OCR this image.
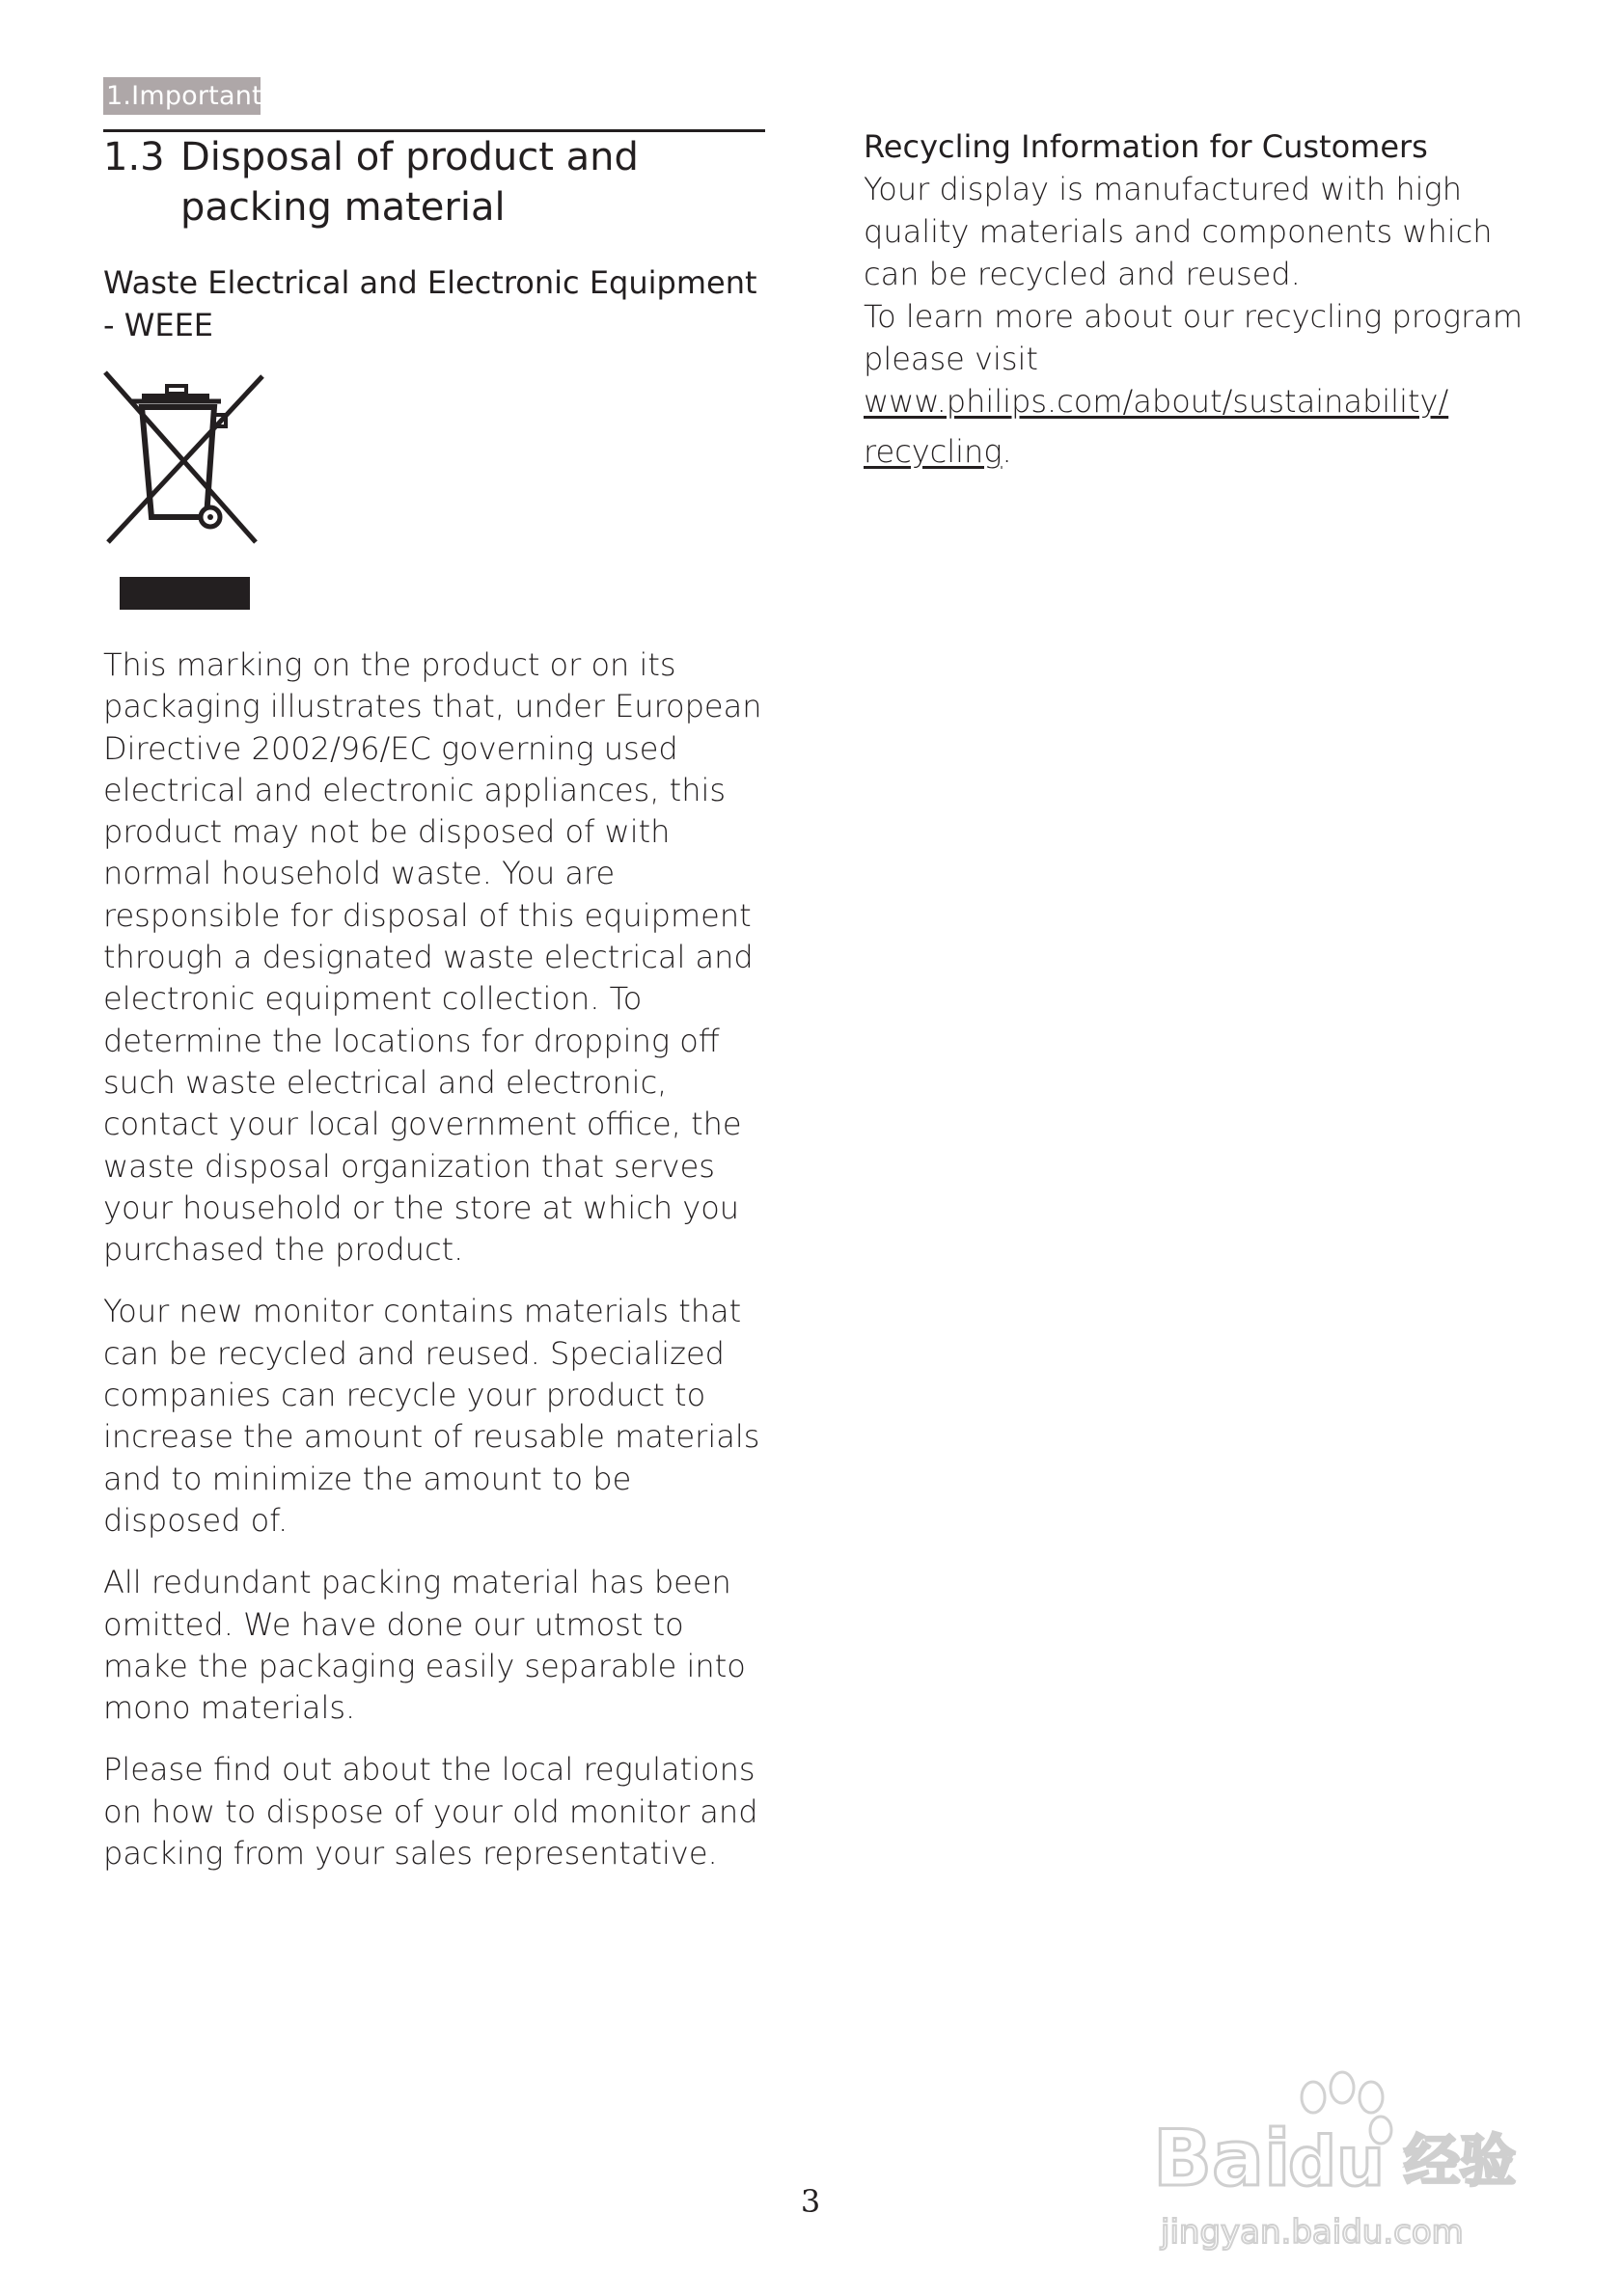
1.Important
1.3 Disposal of product and packing material
Waste Electrical and Electronic Equipment - WEEE

This marking on the product or on its packaging illustrates that, under European Directive 2002/96/EC governing used electrical and electronic appliances, this product may not be disposed of with normal household waste. You are responsible for disposal of this equipment through a designated waste electrical and electronic equipment collection. To determine the locations for dropping off such waste electrical and electronic, contact your local government office, the waste disposal organization that serves your household or the store at which you purchased the product.

Your new monitor contains materials that can be recycled and reused. Specialized companies can recycle your product to increase the amount of reusable materials and to minimize the amount to be disposed of.

All redundant packing material has been omitted. We have done our utmost to make the packaging easily separable into mono materials.

Please find out about the local regulations on how to dispose of your old monitor and packing from your sales representative.

Recycling Information for Customers

Your display is manufactured with high quality materials and components which can be recycled and reused.

To learn more about our recycling program please visit www.philips.com/about/sustainability/
recycling.

3	Bai
du 经验
jingyan.baidu.com
